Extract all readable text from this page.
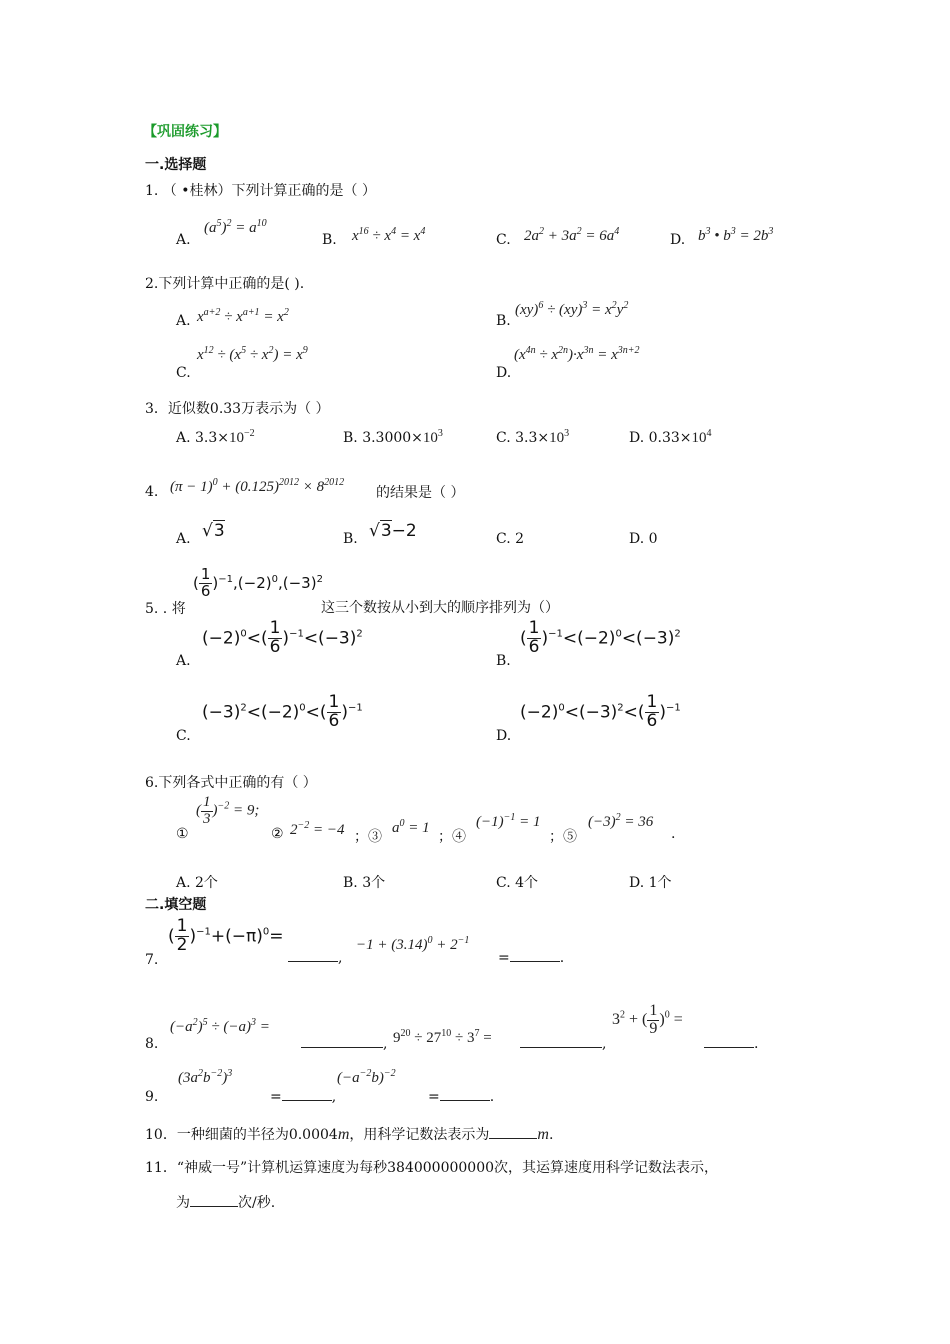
【巩固练习】
一.选择题
1. （ •桂林）下列计算正确的是（ ）
A.
$(a^5)^2 = a^{10}$
B. $x^{16} \div x^4 = x^4$
C. $2a^2 + 3a^2 = 6a^4$
D. $b^3$ • $b^3 = 2b^3$
2.下列计算中正确的是( ).
A. $x^{a+2} \div x^{a+1} = x^2$
B.
$(xy)^6 \div (xy)^3 = x^2y^2$
C.
$x^{12} \div (x^5 \div x^2) = x^9$
D.
$(x^{4n} \div x^{2n})\cdot x^{3n} = x^{3n+2}$
3．近似数0.33万表示为（ ）
A. $3.3\times 10^{-2}$	B. $3.3000\times 10^3$	C. $3.3\times 10^3$	D. $0.33\times 10^4$
4. $(\pi - 1)^0 + (0.125)^{2012} \times 8^{2012}$
的结果是（ ）
A. √3	B. √3−2	C. 2	D. 0
( $\frac{1}{6} )^{-1},(-2)^0,(-3)^2$
5. . 将	这三个数按从小到大的顺序排列为（）
A.
$(-2)^0<( \frac{1}{6} )^{-1}<(-3)^2$
B.
( $\frac{1}{6} )^{-1}<(-2)^0<(-3)^2$
C.
$(-3)^2<(-2)^0<( \frac{1}{6} )^{-1}$
D.
$(-2)^0<(-3)^2<( \frac{1}{6} )^{-1}$
6.下列各式中正确的有（ ）
①
( $\frac{1}{3} )^{-2} = 9$;
② $2^{-2} = -4$ ；③
$a^0 = 1$
；④
$(-1)^{-1} = 1$
；⑤
$(-3)^2 = 36$
.
A. 2个	B. 3个	C. 4个	D. 1个
二.填空题
7.
( $\frac{1}{2} )^{-1}+(-\pi)^0=$
,
$-1 + (3.14)^0 + 2^{-1}$
=	.
8.
$(-a^2)^5 \div (-a)^3$ =
, $9^{20} \div 27^{10} \div 3^7$ =	,
$3^2$ + ( $\frac{1}{9} )^0$ =
.
9.
$(3a^2b^{-2})^3$
=	,
$(-a^{-2}b)^{-2}$
=	.
10．一种细菌的半径为0.0004m，用科学记数法表示为	m.
11．“神威一号”计算机运算速度为每秒384000000000次，其运算速度用科学记数法表示，
为	次/秒.
